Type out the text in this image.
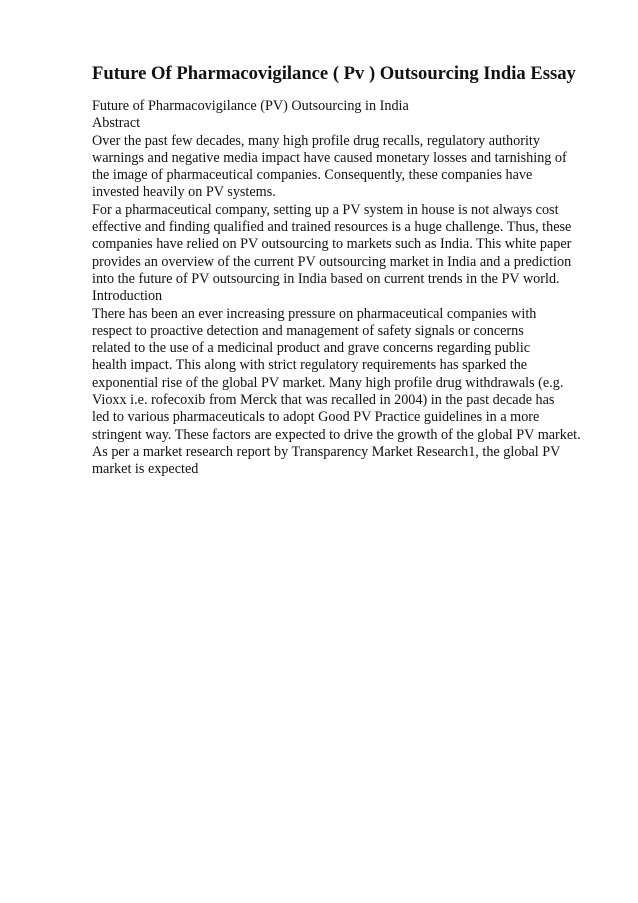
Future Of Pharmacovigilance ( Pv ) Outsourcing India Essay
Future of Pharmacovigilance (PV) Outsourcing in India
Abstract
Over the past few decades, many high profile drug recalls, regulatory authority
warnings and negative media impact have caused monetary losses and tarnishing of
the image of pharmaceutical companies. Consequently, these companies have
invested heavily on PV systems.
For a pharmaceutical company, setting up a PV system in house is not always cost
effective and finding qualified and trained resources is a huge challenge. Thus, these
companies have relied on PV outsourcing to markets such as India. This white paper
provides an overview of the current PV outsourcing market in India and a prediction
into the future of PV outsourcing in India based on current trends in the PV world.
Introduction
There has been an ever increasing pressure on pharmaceutical companies with
respect to proactive detection and management of safety signals or concerns
related to the use of a medicinal product and grave concerns regarding public
health impact. This along with strict regulatory requirements has sparked the
exponential rise of the global PV market. Many high profile drug withdrawals (e.g.
Vioxx i.e. rofecoxib from Merck that was recalled in 2004) in the past decade has
led to various pharmaceuticals to adopt Good PV Practice guidelines in a more
stringent way. These factors are expected to drive the growth of the global PV market.
As per a market research report by Transparency Market Research1, the global PV
market is expected
